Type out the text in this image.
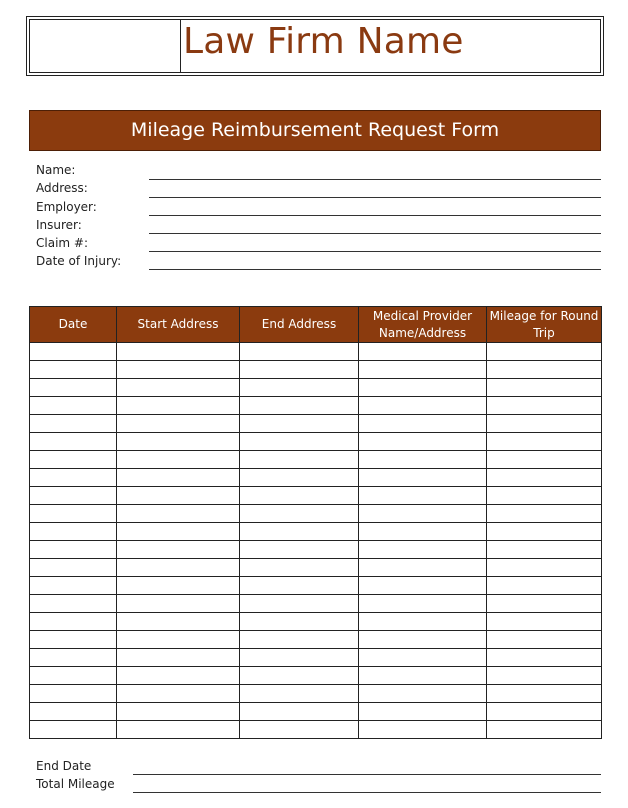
Law Firm Name
Mileage Reimbursement Request Form
Name:
Address:
Employer:
Insurer:
Claim #:
Date of Injury:
Date	Start Address	End Address	Medical Provider Name/Address	Mileage for Round Trip

End Date
Total Mileage
